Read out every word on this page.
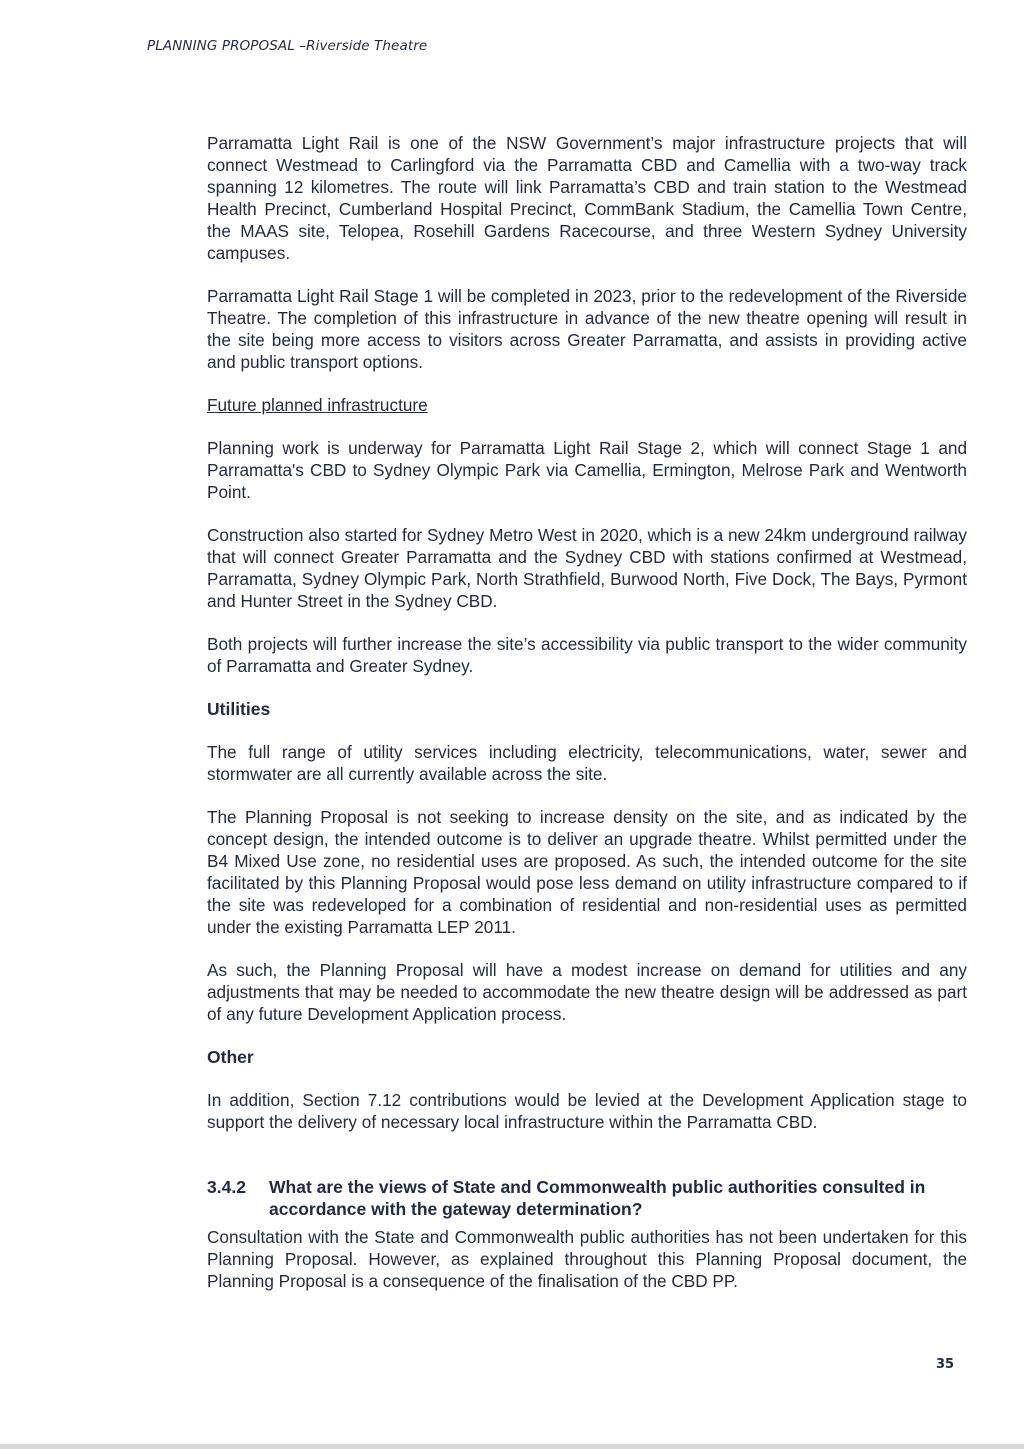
PLANNING PROPOSAL –Riverside Theatre

Parramatta Light Rail is one of the NSW Government’s major infrastructure projects that will connect Westmead to Carlingford via the Parramatta CBD and Camellia with a two-way track spanning 12 kilometres. The route will link Parramatta’s CBD and train station to the Westmead Health Precinct, Cumberland Hospital Precinct, CommBank Stadium, the Camellia Town Centre, the MAAS site, Telopea, Rosehill Gardens Racecourse, and three Western Sydney University campuses.

Parramatta Light Rail Stage 1 will be completed in 2023, prior to the redevelopment of the Riverside Theatre. The completion of this infrastructure in advance of the new theatre opening will result in the site being more access to visitors across Greater Parramatta, and assists in providing active and public transport options.

Future planned infrastructure

Planning work is underway for Parramatta Light Rail Stage 2, which will connect Stage 1 and Parramatta's CBD to Sydney Olympic Park via Camellia, Ermington, Melrose Park and Wentworth Point.

Construction also started for Sydney Metro West in 2020, which is a new 24km underground railway that will connect Greater Parramatta and the Sydney CBD with stations confirmed at Westmead, Parramatta, Sydney Olympic Park, North Strathfield, Burwood North, Five Dock, The Bays, Pyrmont and Hunter Street in the Sydney CBD.

Both projects will further increase the site’s accessibility via public transport to the wider community of Parramatta and Greater Sydney.

Utilities

The full range of utility services including electricity, telecommunications, water, sewer and stormwater are all currently available across the site.

The Planning Proposal is not seeking to increase density on the site, and as indicated by the concept design, the intended outcome is to deliver an upgrade theatre. Whilst permitted under the B4 Mixed Use zone, no residential uses are proposed. As such, the intended outcome for the site facilitated by this Planning Proposal would pose less demand on utility infrastructure compared to if the site was redeveloped for a combination of residential and non-residential uses as permitted under the existing Parramatta LEP 2011.

As such, the Planning Proposal will have a modest increase on demand for utilities and any adjustments that may be needed to accommodate the new theatre design will be addressed as part of any future Development Application process.

Other

In addition, Section 7.12 contributions would be levied at the Development Application stage to support the delivery of necessary local infrastructure within the Parramatta CBD.

3.4.2	What are the views of State and Commonwealth public authorities consulted in accordance with the gateway determination?

Consultation with the State and Commonwealth public authorities has not been undertaken for this Planning Proposal. However, as explained throughout this Planning Proposal document, the Planning Proposal is a consequence of the finalisation of the CBD PP.

35
